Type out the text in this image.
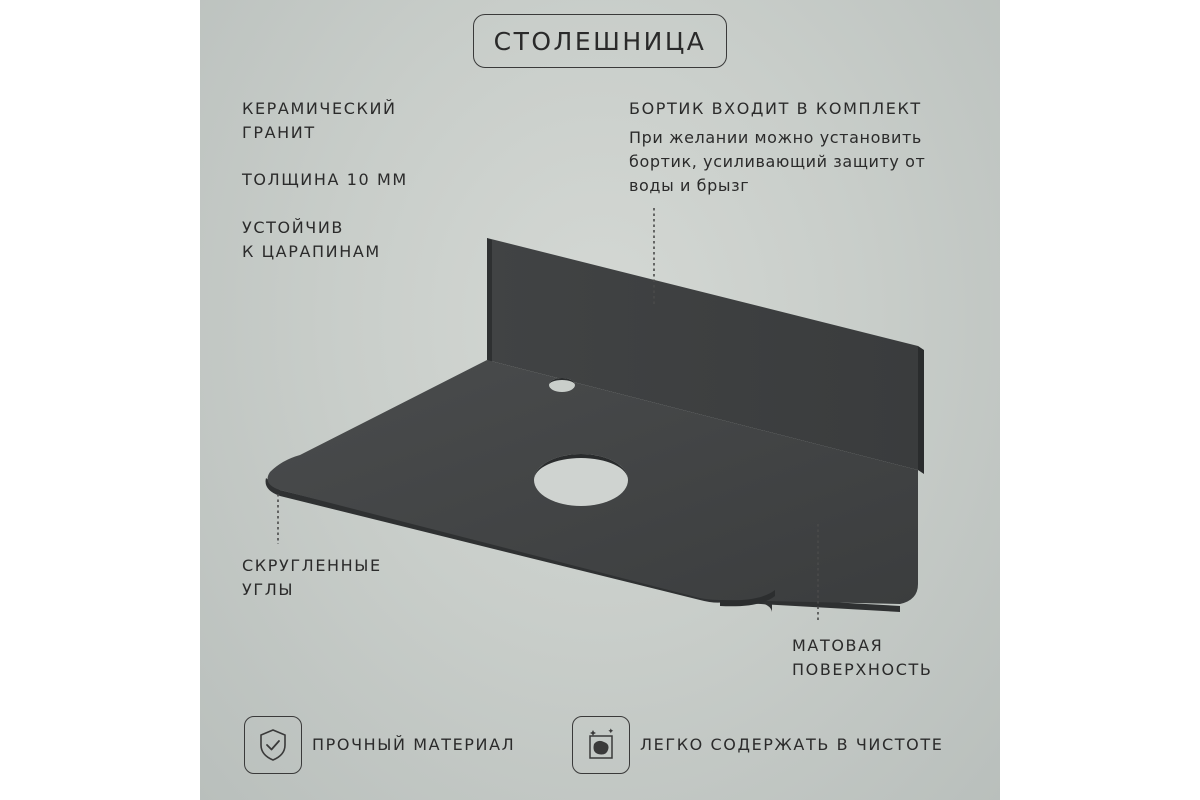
СТОЛЕШНИЦА
КЕРАМИЧЕСКИЙ
ГРАНИТ
ТОЛЩИНА 10 ММ
УСТОЙЧИВ
К ЦАРАПИНАМ
БОРТИК ВХОДИТ В КОМПЛЕКТ
При желании можно установить
бортик, усиливающий защиту от
воды и брызг
СКРУГЛЕННЫЕ
УГЛЫ
МАТОВАЯ
ПОВЕРХНОСТЬ
ПРОЧНЫЙ МАТЕРИАЛ	ЛЕГКО СОДЕРЖАТЬ В ЧИСТОТЕ
